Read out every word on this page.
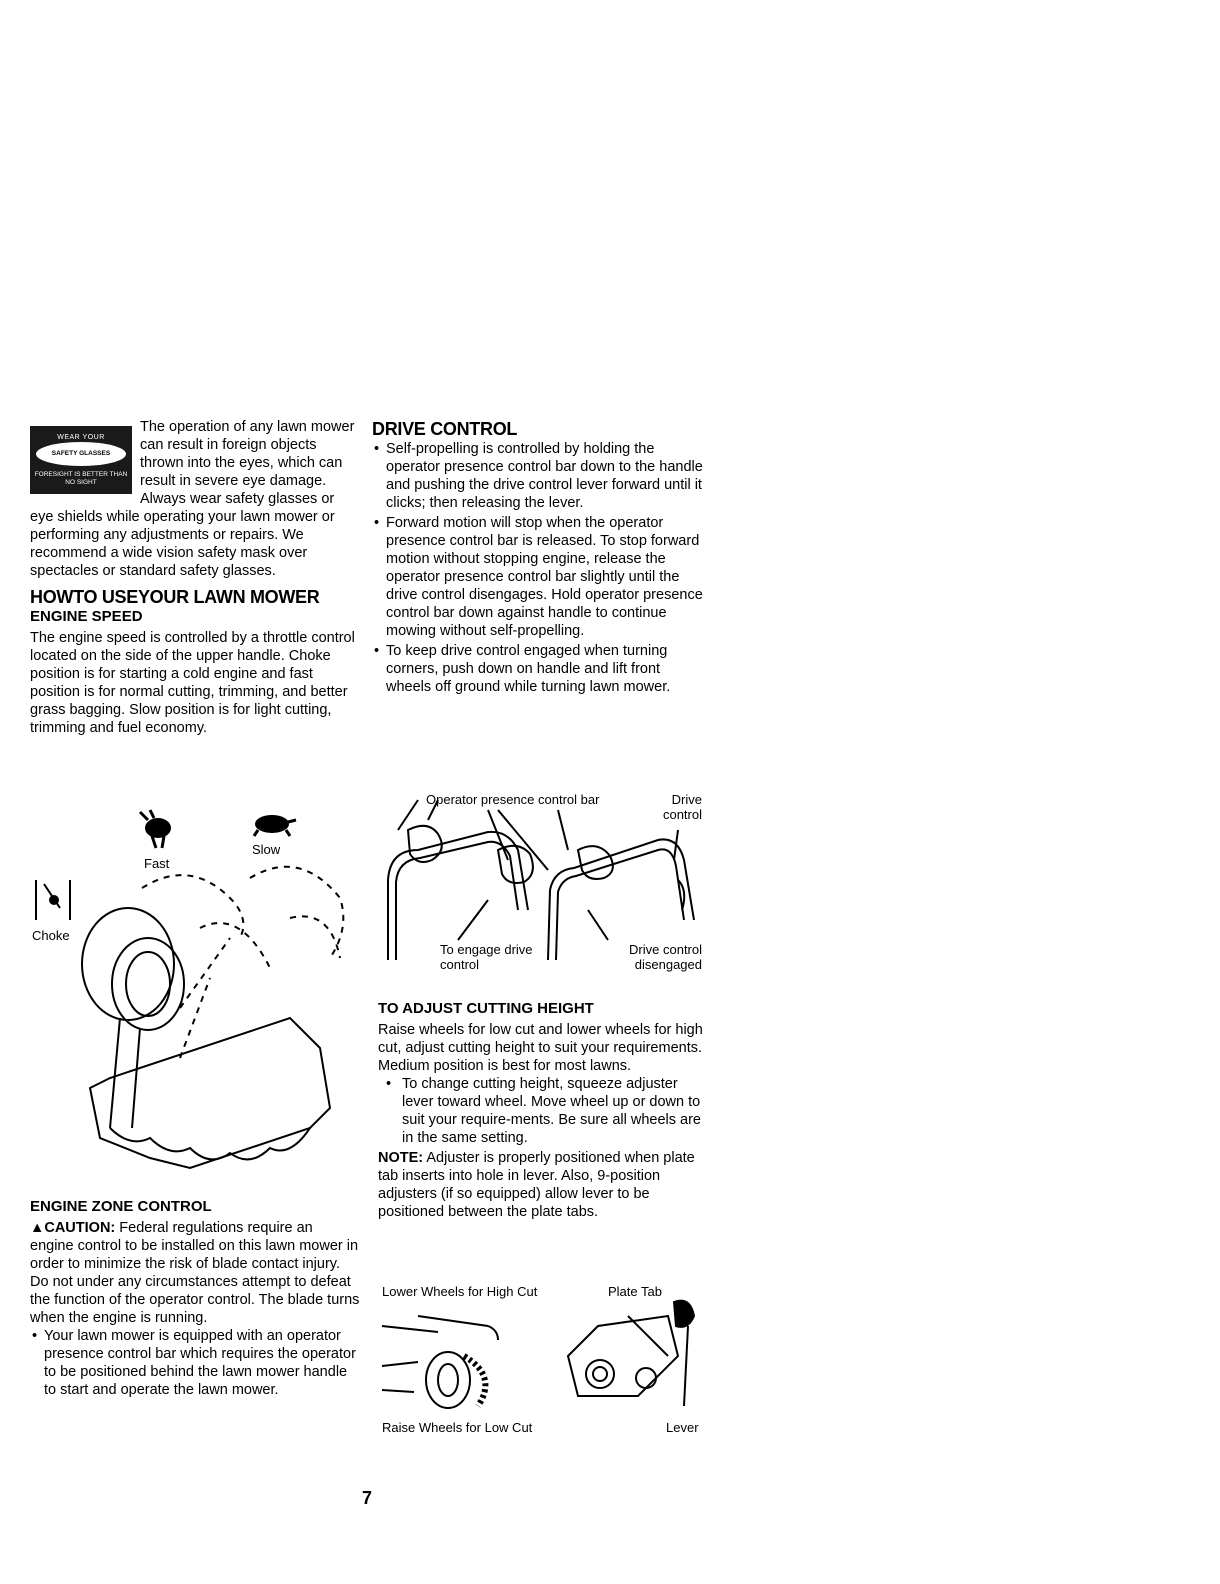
WEAR YOUR
SAFETY GLASSES
FORESIGHT IS BETTER THAN NO SIGHT
The operation of any lawn mower can result in foreign objects thrown into the eyes, which can result in severe eye damage. Always wear safety glasses or eye shields while operating your lawn mower or performing any adjustments or repairs. We recommend a wide vision safety mask over spectacles or standard safety glasses.
HOWTO USEYOUR LAWN MOWER
ENGINE SPEED
The engine speed is controlled by a throttle control located on the side of the upper handle. Choke position is for starting a cold engine and fast position is for normal cutting, trimming, and better grass bagging. Slow position is for light cutting, trimming and fuel economy.
Fast
Slow
Choke
ENGINE ZONE CONTROL
▲CAUTION: Federal regulations require an engine control to be installed on this lawn mower in order to minimize the risk of blade contact injury. Do not under any circumstances attempt to defeat the function of the operator control. The blade turns when the engine is running.
• Your lawn mower is equipped with an operator presence control bar which requires the operator to be positioned behind the lawn mower handle to start and operate the lawn mower.
DRIVE CONTROL
• Self-propelling is controlled by holding the operator presence control bar down to the handle and pushing the drive control lever forward until it clicks; then releasing the lever.
• Forward motion will stop when the operator presence control bar is released. To stop forward motion without stopping engine, release the operator presence control bar slightly until the drive control disengages. Hold operator presence control bar down against handle to continue mowing without self-propelling.
• To keep drive control engaged when turning corners, push down on handle and lift front wheels off ground while turning lawn mower.
Operator presence control bar	Drive control
To engage drive control
Drive control disengaged
TO ADJUST CUTTING HEIGHT
Raise wheels for low cut and lower wheels for high cut, adjust cutting height to suit your requirements. Medium position is best for most lawns.
• To change cutting height, squeeze adjuster lever toward wheel. Move wheel up or down to suit your require-ments. Be sure all wheels are in the same setting.
NOTE: Adjuster is properly positioned when plate tab inserts into hole in lever. Also, 9-position adjusters (if so equipped) allow lever to be positioned between the plate tabs.
Lower Wheels for High Cut	Plate Tab
Raise Wheels for Low Cut	Lever
7
